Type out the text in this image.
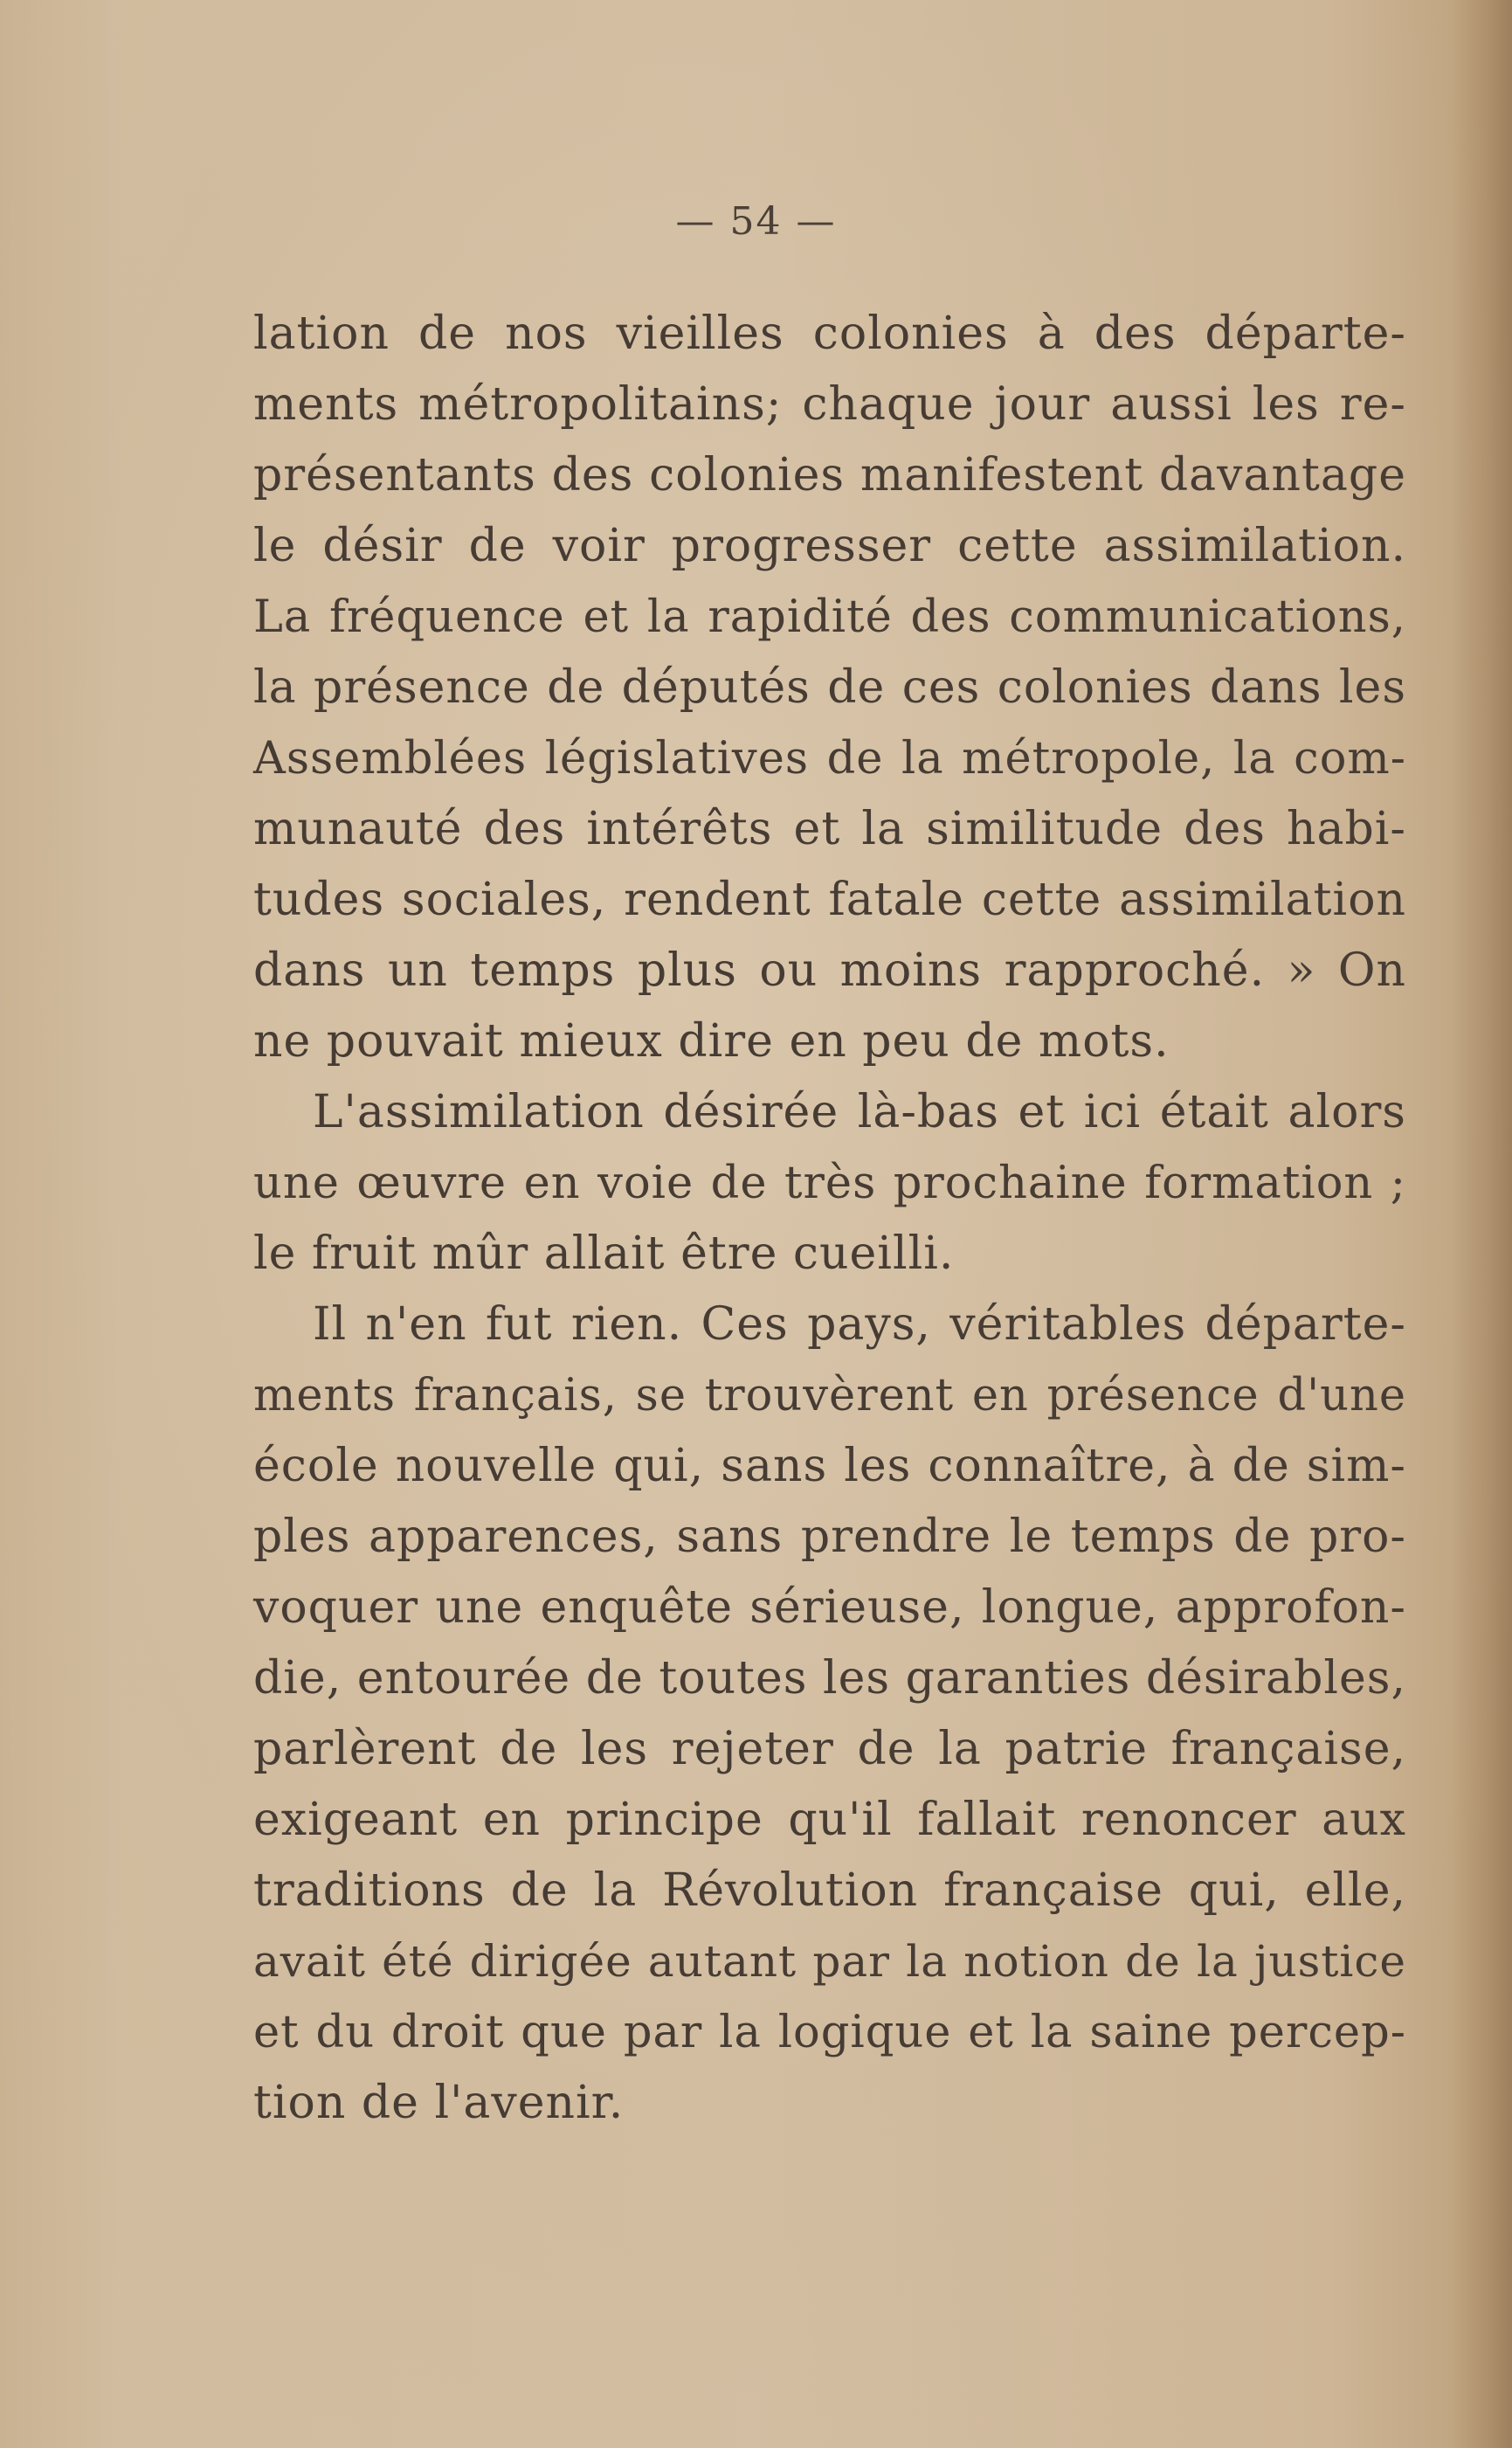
— 54 —
lation de nos vieilles colonies à des départe-
ments métropolitains; chaque jour aussi les re-
présentants des colonies manifestent davantage
le désir de voir progresser cette assimilation.
La fréquence et la rapidité des communications,
la présence de députés de ces colonies dans les
Assemblées législatives de la métropole, la com-
munauté des intérêts et la similitude des habi-
tudes sociales, rendent fatale cette assimilation
dans un temps plus ou moins rapproché. » On
ne pouvait mieux dire en peu de mots.
L'assimilation désirée là-bas et ici était alors
une œuvre en voie de très prochaine formation ;
le fruit mûr allait être cueilli.
Il n'en fut rien. Ces pays, véritables départe-
ments français, se trouvèrent en présence d'une
école nouvelle qui, sans les connaître, à de sim-
ples apparences, sans prendre le temps de pro-
voquer une enquête sérieuse, longue, approfon-
die, entourée de toutes les garanties désirables,
parlèrent de les rejeter de la patrie française,
exigeant en principe qu'il fallait renoncer aux
traditions de la Révolution française qui, elle,
avait été dirigée autant par la notion de la justice
et du droit que par la logique et la saine percep-
tion de l'avenir.
